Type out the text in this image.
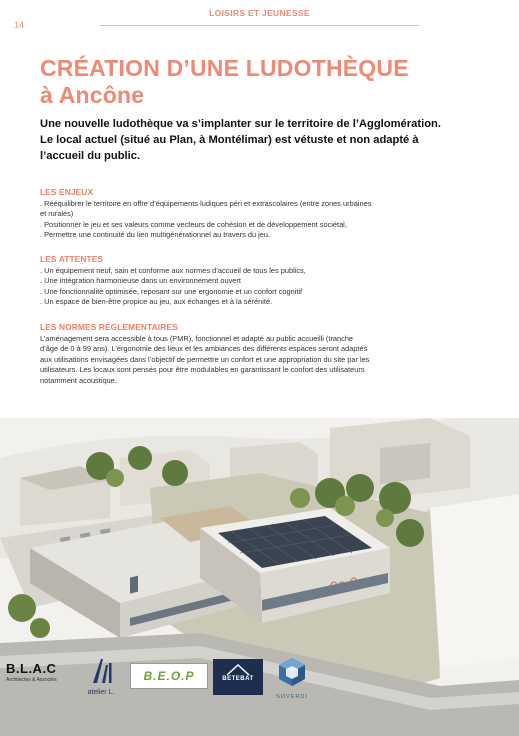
14
LOISIRS ET JEUNESSE
CRÉATION D’UNE LUDOTHÈQUE
à Ancône
Une nouvelle ludothèque va s’implanter sur le territoire de l’Agglomération.
Le local actuel (situé au Plan, à Montélimar) est vétuste et non adapté à
l’accueil du public.
LES ENJEUX
. Rééquilibrer le territoire en offre d’équipements ludiques péri et extrascolaires (entre zones urbaines
et rurales)
. Positionner le jeu et ses valeurs comme vecteurs de cohésion et de développement sociétal,
. Permettre une continuité du lien multigénérationnel au travers du jeu.
LES ATTENTES
. Un équipement neuf, sain et conforme aux normes d’accueil de tous les publics,
. Une intégration harmonieuse dans un environnement ouvert
. Une fonctionnalité optimisée, reposant sur une ergonomie et un confort cognitif
. Un espace de bien-être propice au jeu, aux échanges et à la sérénité.
LES NORMES RÉGLEMENTAIRES
L’aménagement sera accessible à tous (PMR), fonctionnel et adapté au public accueilli (tranche
d’âge de 0 à 99 ans). L’ergonomie des lieux et les ambiances des différents espaces seront adaptés
aux utilisations envisagées dans l’objectif de permettre un confort et une appropriation du site par les
utilisateurs. Les locaux sont pensés pour être modulables en garantissant le confort des utilisateurs
notamment acoustique.
B.L.A.C
Architectes & Associés
atelier L.
B.E.O.P	BETEBAT
SOVERDI
